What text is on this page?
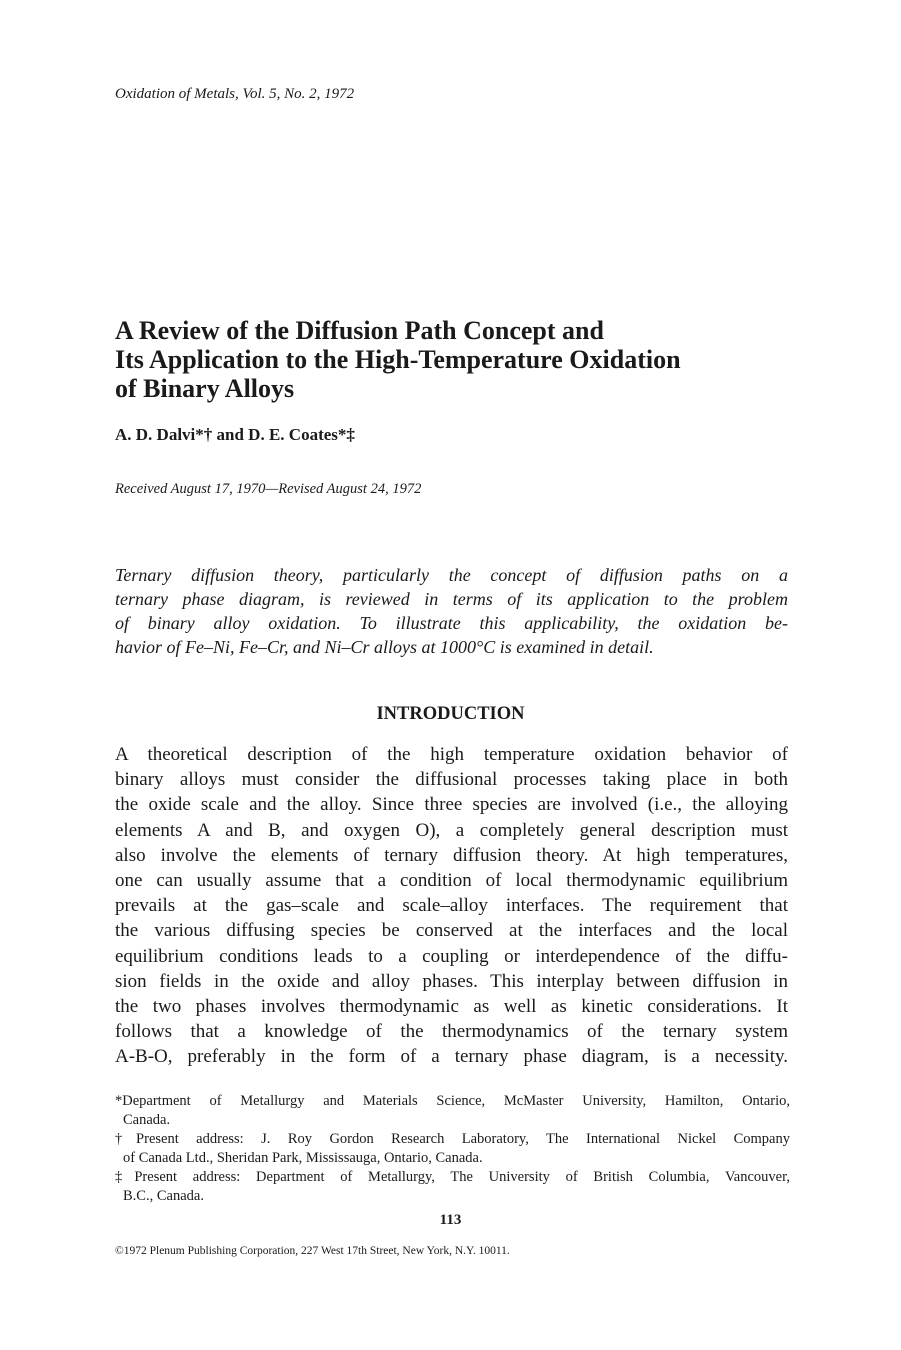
Oxidation of Metals, Vol. 5, No. 2, 1972
A Review of the Diffusion Path Concept and
Its Application to the High-Temperature Oxidation
of Binary Alloys
A. D. Dalvi*† and D. E. Coates*‡
Received August 17, 1970—Revised August 24, 1972
Ternary diffusion theory, particularly the concept of diffusion paths on a
ternary phase diagram, is reviewed in terms of its application to the problem
of binary alloy oxidation. To illustrate this applicability, the oxidation be-
havior of Fe–Ni, Fe–Cr, and Ni–Cr alloys at 1000°C is examined in detail.
INTRODUCTION
A theoretical description of the high temperature oxidation behavior of
binary alloys must consider the diffusional processes taking place in both
the oxide scale and the alloy. Since three species are involved (i.e., the alloying
elements A and B, and oxygen O), a completely general description must
also involve the elements of ternary diffusion theory. At high temperatures,
one can usually assume that a condition of local thermodynamic equilibrium
prevails at the gas–scale and scale–alloy interfaces. The requirement that
the various diffusing species be conserved at the interfaces and the local
equilibrium conditions leads to a coupling or interdependence of the diffu-
sion fields in the oxide and alloy phases. This interplay between diffusion in
the two phases involves thermodynamic as well as kinetic considerations. It
follows that a knowledge of the thermodynamics of the ternary system
A-B-O, preferably in the form of a ternary phase diagram, is a necessity.
*Department of Metallurgy and Materials Science, McMaster University, Hamilton, Ontario,
Canada.
†Present address: J. Roy Gordon Research Laboratory, The International Nickel Company
of Canada Ltd., Sheridan Park, Mississauga, Ontario, Canada.
‡Present address: Department of Metallurgy, The University of British Columbia, Vancouver,
B.C., Canada.
113
©1972 Plenum Publishing Corporation, 227 West 17th Street, New York, N.Y. 10011.
